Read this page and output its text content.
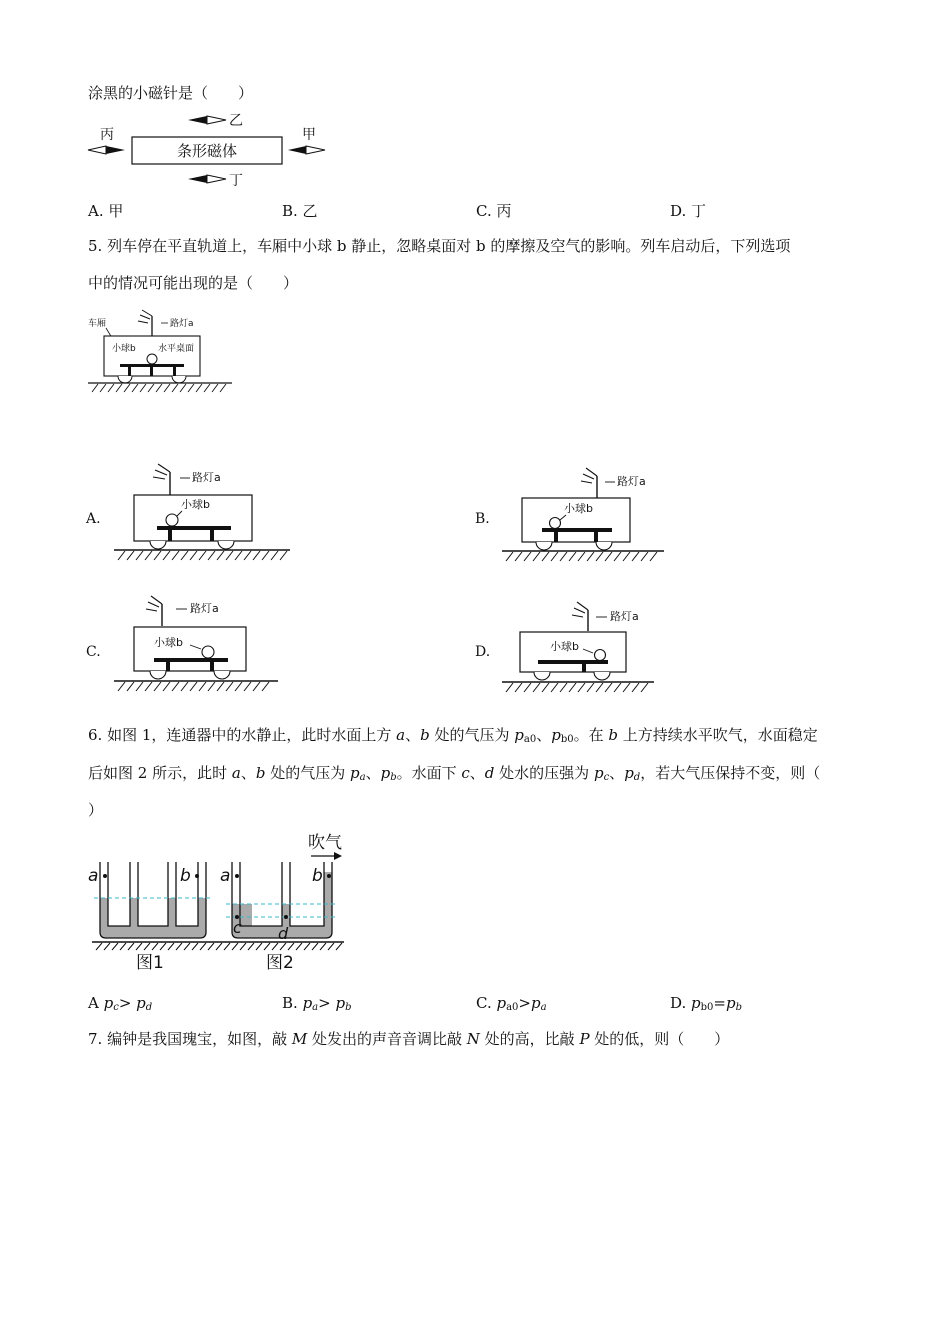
涂黑的小磁针是（　　）
条形磁体
乙
丁
丙	甲
A. 甲	B. 乙	C. 丙	D. 丁
5. 列车停在平直轨道上，车厢中小球 b 静止，忽略桌面对 b 的摩擦及空气的影响。列车启动后，下列选项
中的情况可能出现的是（　　）
路灯a
车厢
小球b 水平桌面
A.
路灯a
小球b
B.
路灯a
小球b
C.
路灯a
小球b
D.
路灯a
小球b
6. 如图 1，连通器中的水静止，此时水面上方 a、b 处的气压为 $p_{a0}$、$p_{b0}$。在 b 上方持续水平吹气，水面稳定
后如图 2 所示，此时 a、b 处的气压为 $p_a$、$p_b$。水面下 c、d 处水的压强为 $p_c$、$p_d$，若大气压保持不变，则（
）
a	b
图1
a	b
c d
吹气
图2
A $p_c> p_d$	B. $p_a> p_b$	C. $p_{a0}>p_a$	D. $p_{b0}=p_b$
7. 编钟是我国瑰宝，如图，敲 M 处发出的声音音调比敲 N 处的高，比敲 P 处的低，则（　　）
